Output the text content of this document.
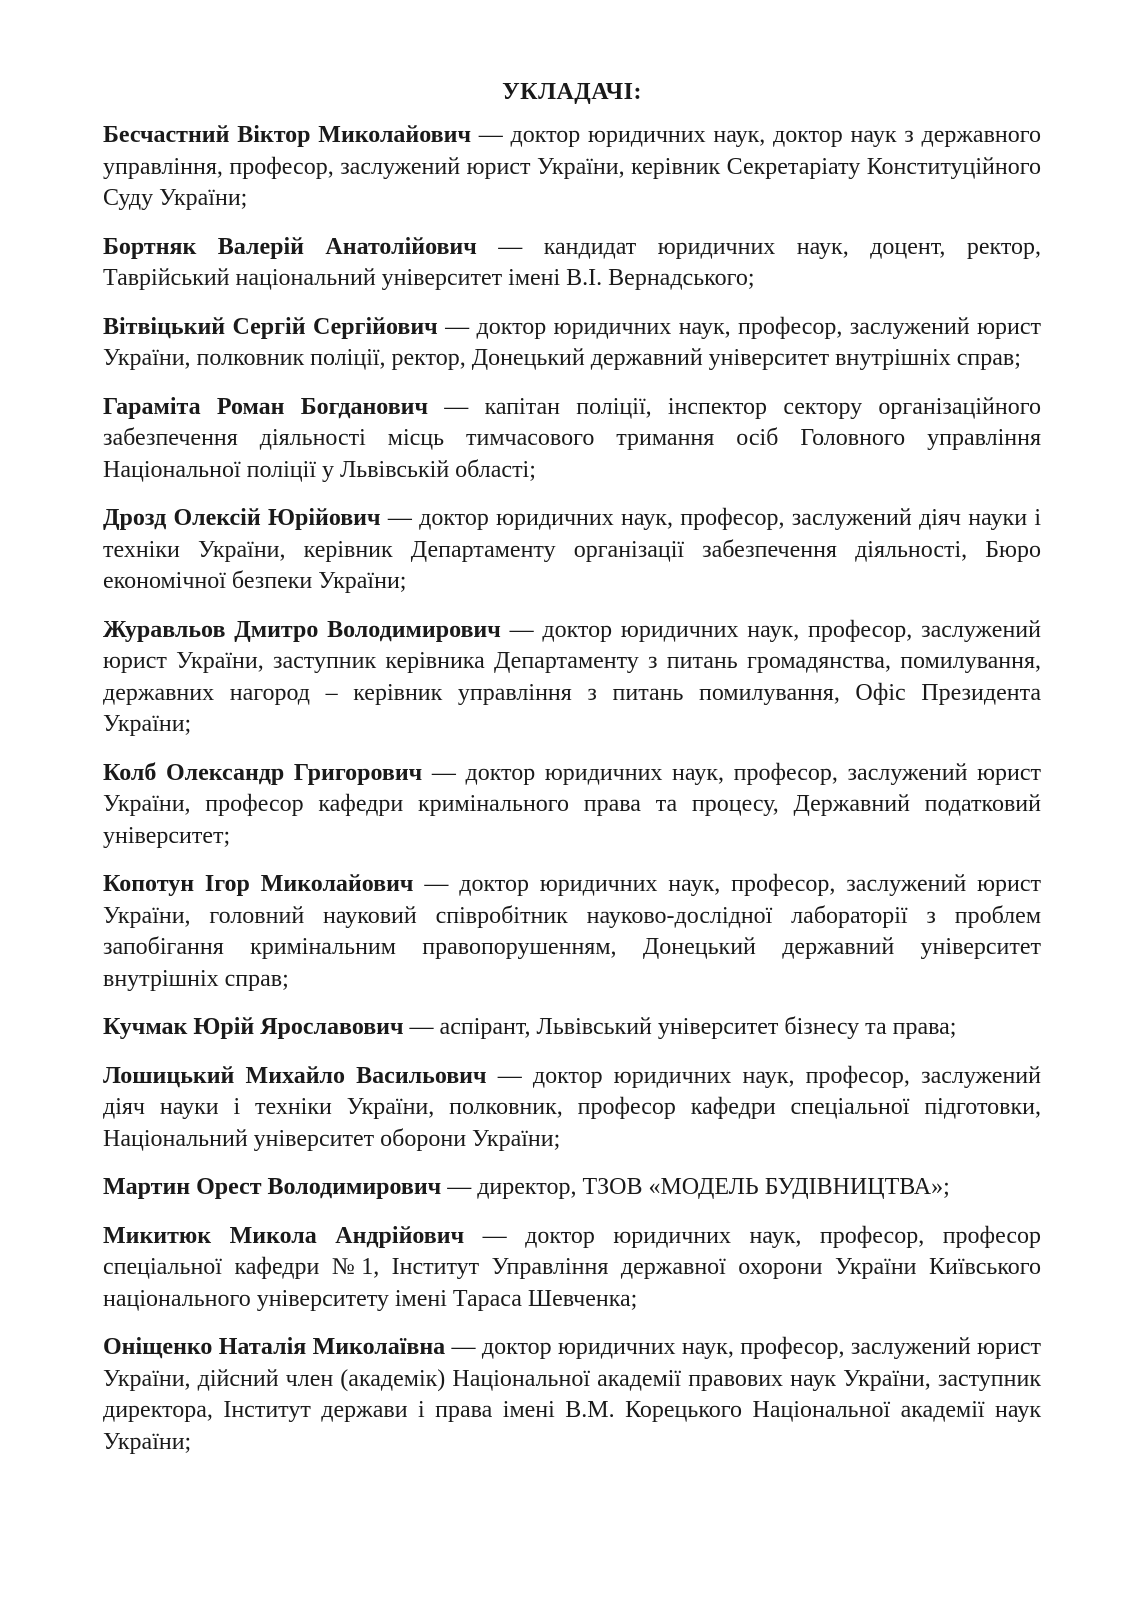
УКЛАДАЧІ:
Бесчастний Віктор Миколайович — доктор юридичних наук, доктор наук з державного управління, професор, заслужений юрист України, керівник Секретаріату Конституційного Суду України;
Бортняк Валерій Анатолійович — кандидат юридичних наук, доцент, ректор, Таврійський національний університет імені В.І. Вернадського;
Вітвіцький Сергій Сергійович — доктор юридичних наук, професор, заслужений юрист України, полковник поліції, ректор, Донецький державний університет внутрішніх справ;
Гараміта Роман Богданович — капітан поліції, інспектор сектору організаційного забезпечення діяльності місць тимчасового тримання осіб Головного управління Національної поліції у Львівській області;
Дрозд Олексій Юрійович — доктор юридичних наук, професор, заслужений діяч науки і техніки України, керівник Департаменту організації забезпечення діяльності, Бюро економічної безпеки України;
Журавльов Дмитро Володимирович — доктор юридичних наук, професор, заслужений юрист України, заступник керівника Департаменту з питань громадянства, помилування, державних нагород – керівник управління з питань помилування, Офіс Президента України;
Колб Олександр Григорович — доктор юридичних наук, професор, заслужений юрист України, професор кафедри кримінального права та процесу, Державний податковий університет;
Копотун Ігор Миколайович — доктор юридичних наук, професор, заслужений юрист України, головний науковий співробітник науково-дослідної лабораторії з проблем запобігання кримінальним правопорушенням, Донецький державний університет внутрішніх справ;
Кучмак Юрій Ярославович — аспірант, Львівський університет бізнесу та права;
Лошицький Михайло Васильович — доктор юридичних наук, професор, заслужений діяч науки і техніки України, полковник, професор кафедри спеціальної підготовки, Національний університет оборони України;
Мартин Орест Володимирович — директор, ТЗОВ «МОДЕЛЬ БУДІВНИЦТВА»;
Микитюк Микола Андрійович — доктор юридичних наук, професор, професор спеціальної кафедри №1, Інститут Управління державної охорони України Київського національного університету імені Тараса Шевченка;
Оніщенко Наталія Миколаївна — доктор юридичних наук, професор, заслужений юрист України, дійсний член (академік) Національної академії правових наук України, заступник директора, Інститут держави і права імені В.М. Корецького Національної академії наук України;
